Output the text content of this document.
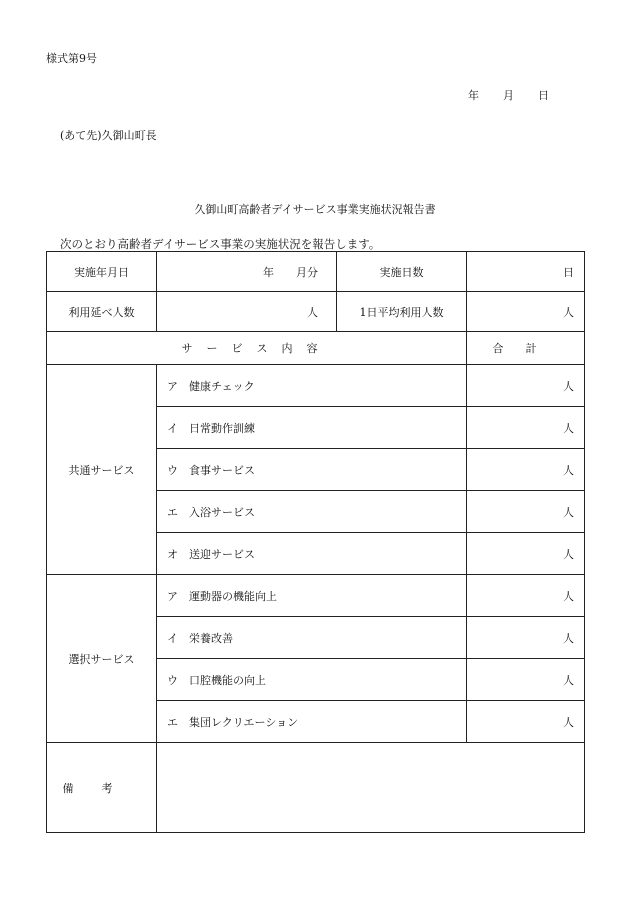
様式第9号
年 月 日
(あて先)久御山町長
久御山町高齢者デイサービス事業実施状況報告書
次のとおり高齢者デイサービス事業の実施状況を報告します。
実施年月日	年 月分	実施日数	日
利用延べ人数	人	1日平均利用人数	人
サービス内容			合計
共通サービス	ア 健康チェック		人
	イ 日常動作訓練		人
	ウ 食事サービス		人
	エ 入浴サービス		人
	オ 送迎サービス		人
選択サービス	ア 運動器の機能向上		人
	イ 栄養改善		人
	ウ 口腔機能の向上		人
	エ 集団レクリエーション		人
備考			
